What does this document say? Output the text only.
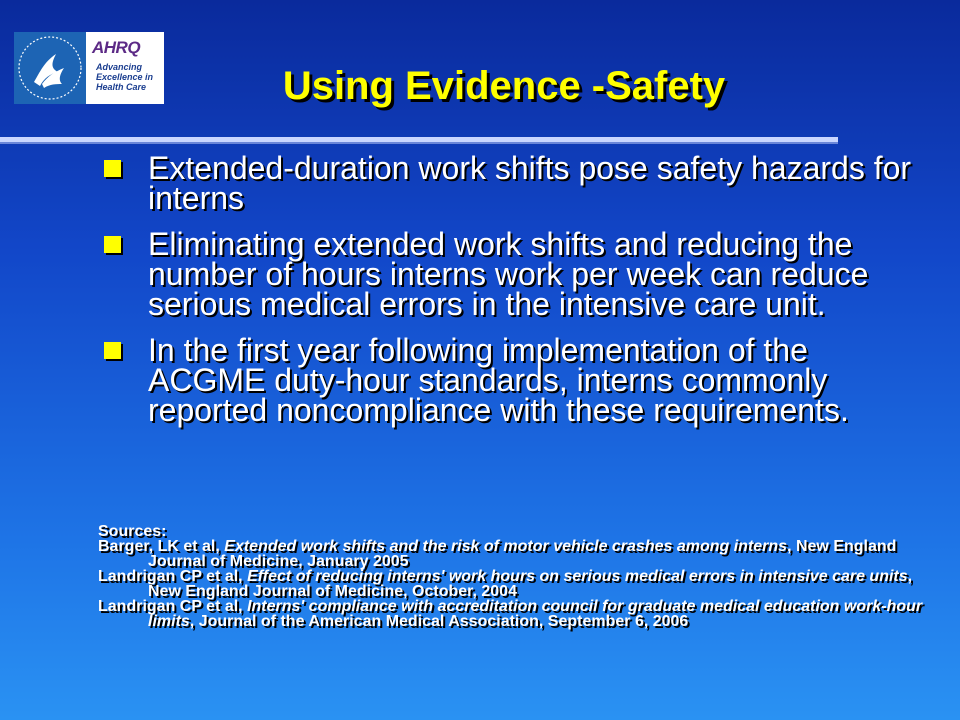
AHRQ
Advancing
Excellence in
Health Care	Using Evidence -Safety
Extended-duration work shifts pose safety hazards for interns
Eliminating extended work shifts and reducing the number of hours interns work per week can reduce serious medical errors in the intensive care unit.
In the first year following implementation of the ACGME duty-hour standards, interns commonly reported noncompliance with these requirements.
Sources:

Barger, LK et al, Extended work shifts and the risk of motor vehicle crashes among interns, New England Journal of Medicine, January 2005

Landrigan CP et al, Effect of reducing interns' work hours on serious medical errors in intensive care units, New England Journal of Medicine, October, 2004

Landrigan CP et al, Interns' compliance with accreditation council for graduate medical education work-hour limits, Journal of the American Medical Association, September 6, 2006
